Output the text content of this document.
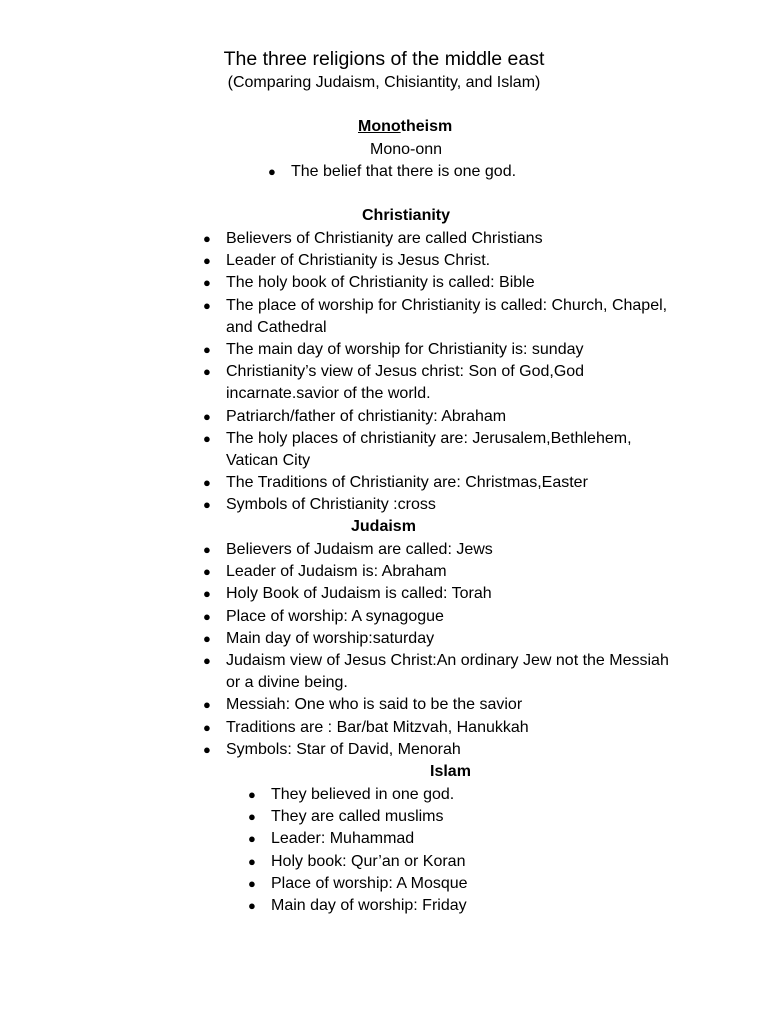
The three religions of the middle east
(Comparing Judaism, Chisiantity, and Islam)
Monotheism
Mono-onn
● The belief that there is one god.
Christianity
● Believers of Christianity are called Christians
● Leader of Christianity is Jesus Christ.
● The holy book of Christianity is called: Bible
● The place of worship for Christianity is called: Church, Chapel, and Cathedral
● The main day of worship for Christianity is: sunday
● Christianity’s view of Jesus christ: Son of God,God incarnate.savior of the world.
● Patriarch/father of christianity: Abraham
● The holy places of christianity are: Jerusalem,Bethlehem, Vatican City
● The Traditions of Christianity are: Christmas,Easter
● Symbols of Christianity :cross
Judaism
● Believers of Judaism are called: Jews
● Leader of Judaism is: Abraham
● Holy Book of Judaism is called: Torah
● Place of worship: A synagogue
● Main day of worship:saturday
● Judaism view of Jesus Christ:An ordinary Jew not the Messiah or a divine being.
● Messiah: One who is said to be the savior
● Traditions are : Bar/bat Mitzvah, Hanukkah
● Symbols: Star of David, Menorah
Islam
● They believed in one god.
● They are called muslims
● Leader: Muhammad
● Holy book: Qur’an or Koran
● Place of worship: A Mosque
● Main day of worship: Friday
